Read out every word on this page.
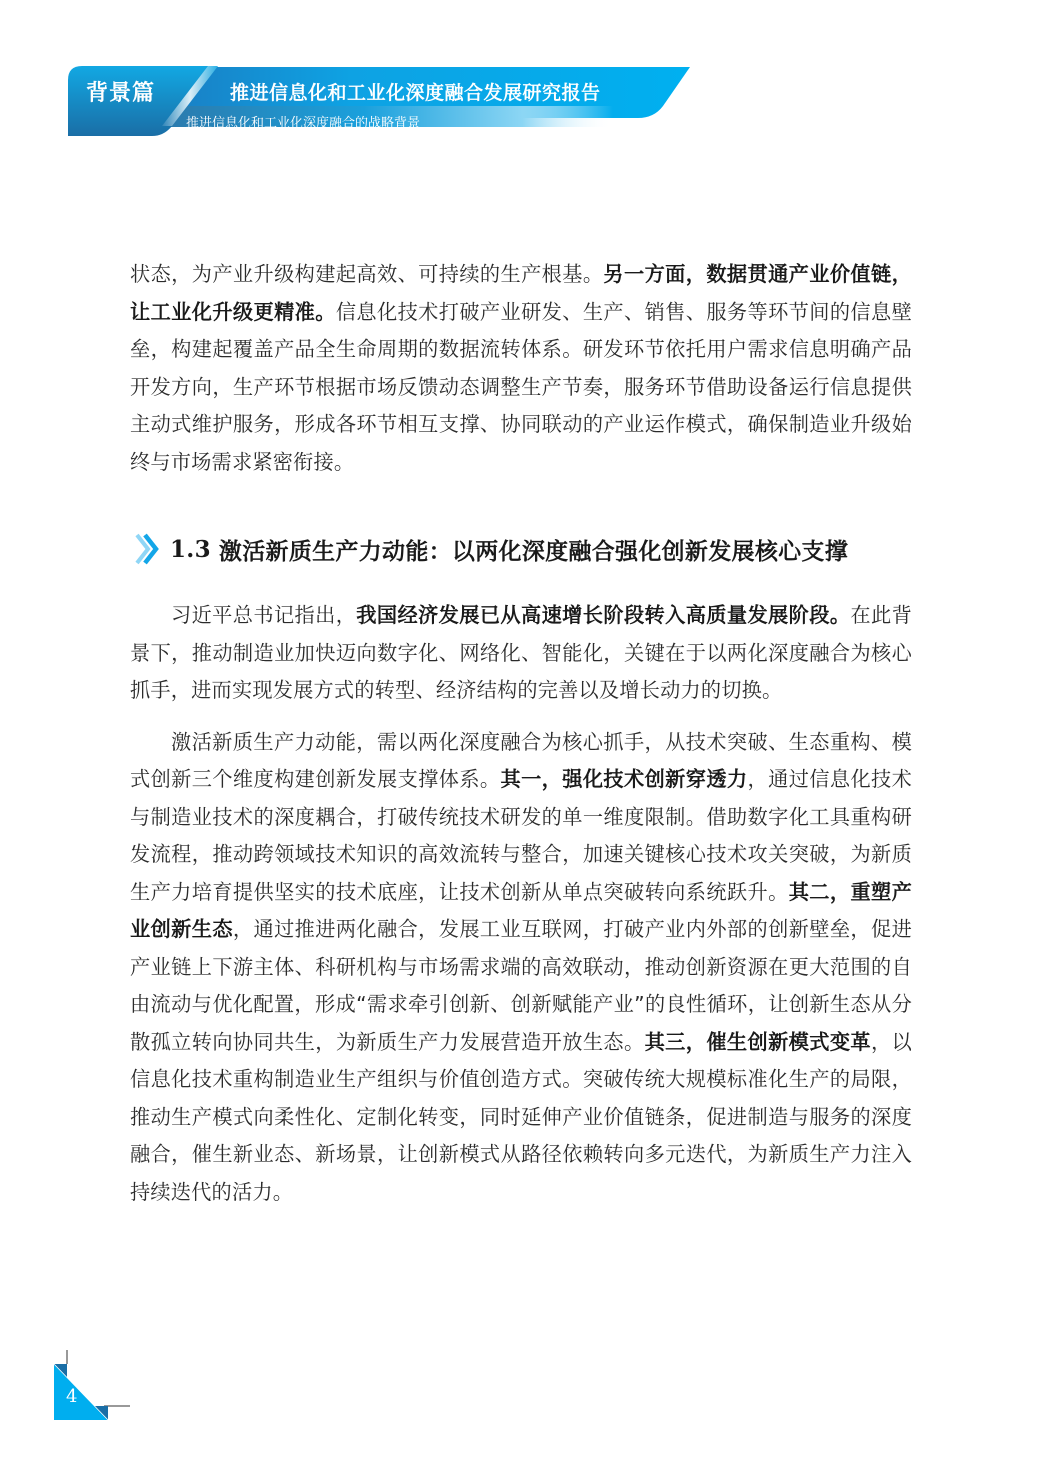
背景篇	推进信息化和工业化深度融合发展研究报告
推进信息化和工业化深度融合的战略背景

状态，为产业升级构建起高效、可持续的生产根基。另一方面，数据贯通产业价值链，让工业化升级更精准。信息化技术打破产业研发、生产、销售、服务等环节间的信息壁垒，构建起覆盖产品全生命周期的数据流转体系。研发环节依托用户需求信息明确产品开发方向，生产环节根据市场反馈动态调整生产节奏，服务环节借助设备运行信息提供主动式维护服务，形成各环节相互支撑、协同联动的产业运作模式，确保制造业升级始终与市场需求紧密衔接。

1.3 激活新质生产力动能：以两化深度融合强化创新发展核心支撑

习近平总书记指出，我国经济发展已从高速增长阶段转入高质量发展阶段。在此背景下，推动制造业加快迈向数字化、网络化、智能化，关键在于以两化深度融合为核心抓手，进而实现发展方式的转型、经济结构的完善以及增长动力的切换。

激活新质生产力动能，需以两化深度融合为核心抓手，从技术突破、生态重构、模式创新三个维度构建创新发展支撑体系。其一，强化技术创新穿透力，通过信息化技术与制造业技术的深度耦合，打破传统技术研发的单一维度限制。借助数字化工具重构研发流程，推动跨领域技术知识的高效流转与整合，加速关键核心技术攻关突破，为新质生产力培育提供坚实的技术底座，让技术创新从单点突破转向系统跃升。其二，重塑产业创新生态，通过推进两化融合，发展工业互联网，打破产业内外部的创新壁垒，促进产业链上下游主体、科研机构与市场需求端的高效联动，推动创新资源在更大范围的自由流动与优化配置，形成“需求牵引创新、创新赋能产业”的良性循环，让创新生态从分散孤立转向协同共生，为新质生产力发展营造开放生态。其三，催生创新模式变革，以信息化技术重构制造业生产组织与价值创造方式。突破传统大规模标准化生产的局限，推动生产模式向柔性化、定制化转变，同时延伸产业价值链条，促进制造与服务的深度融合，催生新业态、新场景，让创新模式从路径依赖转向多元迭代，为新质生产力注入持续迭代的活力。

4
